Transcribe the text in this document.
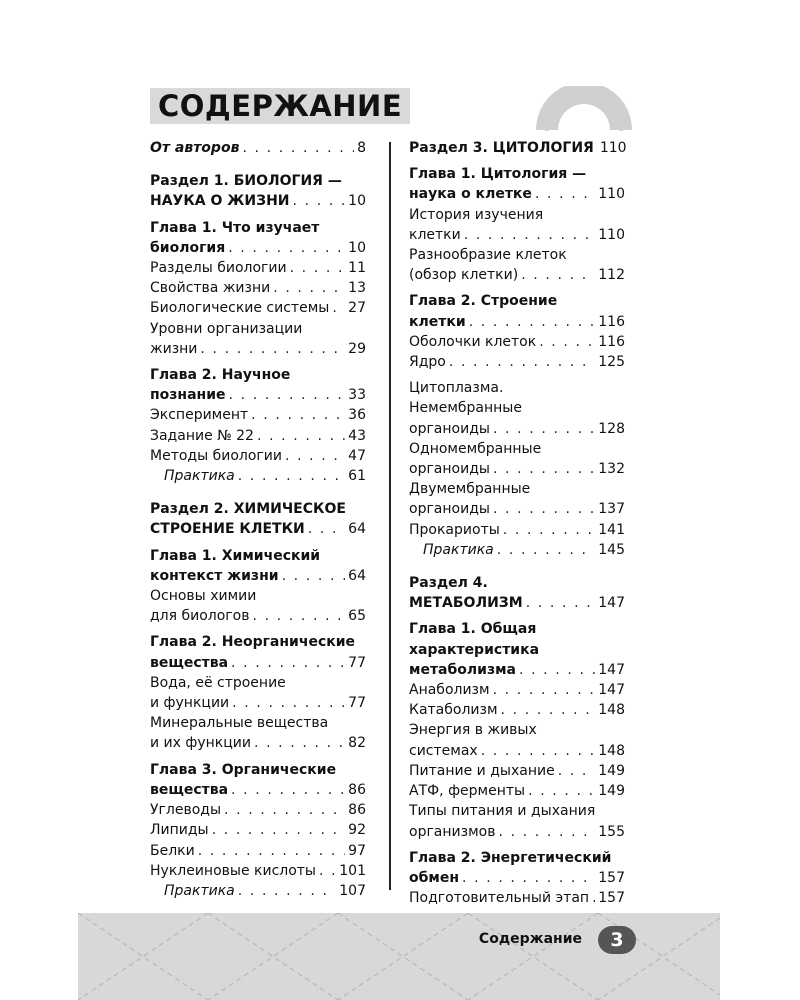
СОДЕРЖАНИЕ
От авторов . . .	8
Раздел 1. БИОЛОГИЯ —
НАУКА О ЖИЗНИ . . .	10
Глава 1. Что изучает
биология . . .	10
Разделы биологии . . .	11
Свойства жизни . . .	13
Биологические системы . . . 27
Уровни организации
жизни . . .	29
Глава 2. Научное
познание . . .	33
Эксперимент . . .	36
Задание № 22 . . .	43
Методы биологии . . .	47
Практика . . .	61
Раздел 2. ХИМИЧЕСКОЕ
СТРОЕНИЕ КЛЕТКИ . . .	64
Глава 1. Химический
контекст жизни . . .	64
Основы химии
для биологов . . .	65
Глава 2. Неорганические
вещества . . .	77
Вода, её строение
и функции . . .	77
Минеральные вещества
и их функции . . .	82
Глава 3. Органические
вещества . . .	86
Углеводы . . .	86
Липиды . . .	92
Белки . . .	97
Нуклеиновые кислоты . . . 101
Практика . . .	107
Раздел 3. ЦИТОЛОГИЯ 110
Глава 1. Цитология —
наука о клетке . . .	110
История изучения
клетки . . .	110
Разнообразие клеток
(обзор клетки) . . .	112
Глава 2. Строение
клетки . . .	116
Оболочки клеток . . .	116
Ядро . . .	125
Цитоплазма.
Немембранные
органоиды . . .	128
Одномембранные
органоиды . . .	132
Двумембранные
органоиды . . .	137
Прокариоты . . .	141
Практика . . .	145
Раздел 4.
МЕТАБОЛИЗМ . . .	147
Глава 1. Общая
характеристика
метаболизма . . .	147
Анаболизм . . .	147
Катаболизм . . .	148
Энергия в живых
системах . . .	148
Питание и дыхание . . .	149
АТФ, ферменты . . .	149
Типы питания и дыхания
организмов . . .	155
Глава 2. Энергетический
обмен . . .	157
Подготовительный этап . . . 157
Содержание 3
